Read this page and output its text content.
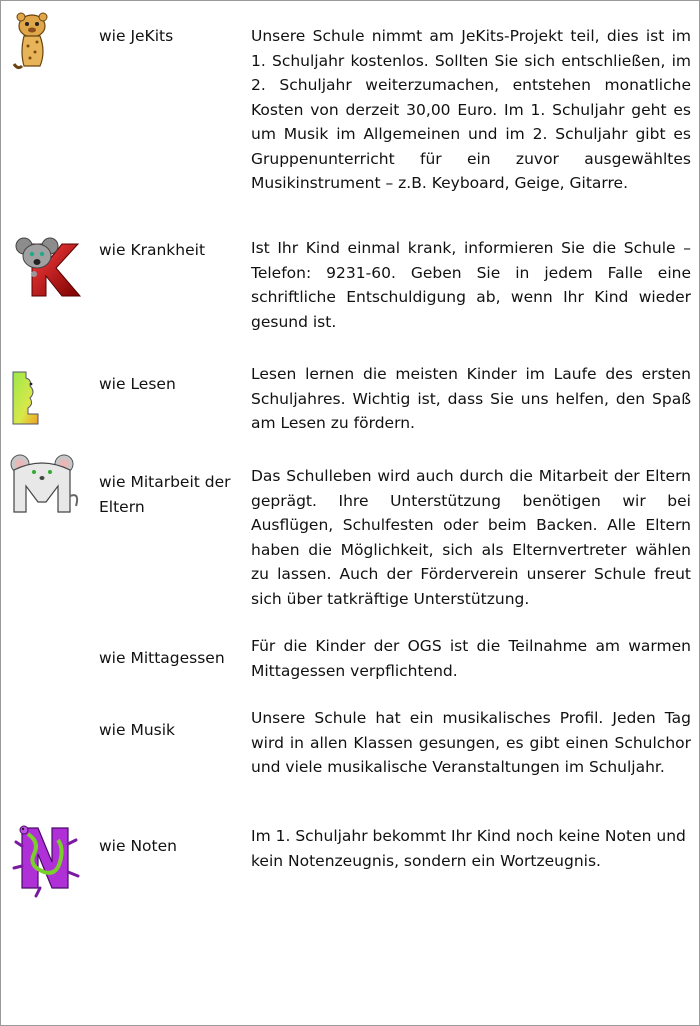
wie JeKits	Unsere Schule nimmt am JeKits-Projekt teil, dies ist im 1. Schuljahr kostenlos. Sollten Sie sich entschließen, im 2. Schuljahr weiterzumachen, entstehen monatliche Kosten von derzeit 30,00 Euro. Im 1. Schuljahr geht es um Musik im Allgemeinen und im 2. Schuljahr gibt es Gruppenunterricht für ein zuvor ausgewähltes Musikinstrument – z.B. Keyboard, Geige, Gitarre.
wie Krankheit	Ist Ihr Kind einmal krank, informieren Sie die Schule – Telefon: 9231-60. Geben Sie in jedem Falle eine schriftliche Entschuldigung ab, wenn Ihr Kind wieder gesund ist.
wie Lesen
Lesen lernen die meisten Kinder im Laufe des ersten Schuljahres. Wichtig ist, dass Sie uns helfen, den Spaß am Lesen zu fördern.
wie Mitarbeit der Eltern
Das Schulleben wird auch durch die Mitarbeit der Eltern geprägt. Ihre Unterstützung benötigen wir bei Ausflügen, Schulfesten oder beim Backen. Alle Eltern haben die Möglichkeit, sich als Elternvertreter wählen zu lassen. Auch der Förderverein unserer Schule freut sich über tatkräftige Unterstützung.
wie Mittagessen
Für die Kinder der OGS ist die Teilnahme am warmen Mittagessen verpflichtend.
wie Musik
Unsere Schule hat ein musikalisches Profil. Jeden Tag wird in allen Klassen gesungen, es gibt einen Schulchor und viele musikalische Veranstaltungen im Schuljahr.
wie Noten
Im 1. Schuljahr bekommt Ihr Kind noch keine Noten und kein Notenzeugnis, sondern ein Wortzeugnis.
